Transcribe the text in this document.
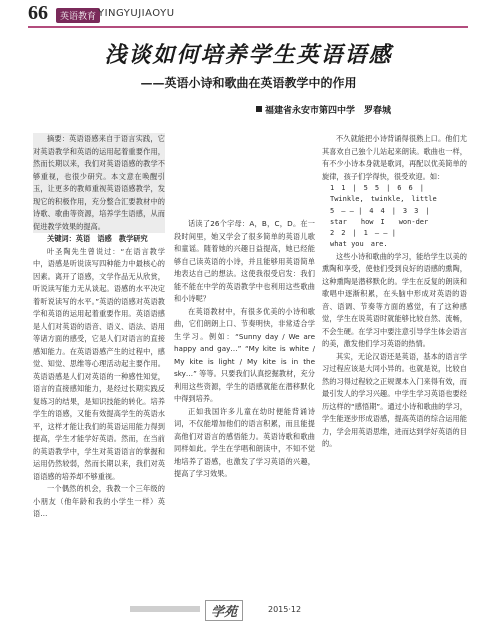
66	英语教育 YINGYUJIAOYU
浅谈如何培养学生英语语感
——英语小诗和歌曲在英语教学中的作用
福建省永安市第四中学　罗春城

摘要：英语语感来自于语言实践，它对英语教学和英语的运用起着重要作用，然而长期以来，我们对英语语感的教学不够重视，也很少研究。本文意在唤醒引玉，让更多的教师重视英语语感教学，发现它的积极作用，充分整合汇要教材中的诗歌、歌曲等资源，培养学生语感，从而促进教学效果的提高。

关键词：英语　语感　教学研究

叶圣陶先生曾说过：“在语言教学中，语感是听说读写四种能力中最核心的因素。离开了语感，文学作品无从欣赏，听说读写能力无从谈起。语感的水平决定着听说读写的水平。”英语的语感对英语教学和英语的运用起着重要作用。英语语感是人们对英语的语音、语义、语法、语用等诸方面的感受，它是人们对语言的直接感知能力。在英语语感产生的过程中，感觉、知觉、思维等心理活动起主要作用。英语语感是人们对英语的一种感性知觉，语言的直接感知能力，是经过长期实践反复练习的结果，是知识技能的转化。培养学生的语感，又能有效提高学生的英语水平，这样才能让我们的英语运用能力得到提高，学生才能学好英语。然而，在当前的英语教学中，学生对英语语言的掌握和运用仍然较弱，然而长期以来，我们对英语语感的培养却不够重视。

一个偶然的机会，我教一个三年级的小朋友（他年龄和我的小学生一样）英语…

话读了26个字母：A，B，C，D。在一段时间里，她又学会了很多简单的英语儿歌和童谣。随着她的兴趣日益提高，她已经能够自己读英语的小诗，并且能够用英语简单地表达自己的想法。这使我很受启发：我们能不能在中学的英语教学中也利用这些歌曲和小诗呢？

在英语教材中，有很多优美的小诗和歌曲，它们朗朗上口、节奏明快，非常适合学生学习。例如：“Sunny day / We are happy and gay…” “My kite is white / My kite is light / My kite is in the sky…” 等等。只要我们认真挖掘教材，充分利用这些资源，学生的语感就能在潜移默化中得到培养。

正如我国许多儿童在幼时便能背诵诗词，不仅能增加他们的语言积累，而且能提高他们对语言的感悟能力。英语诗歌和歌曲同样如此。学生在学唱和朗读中，不知不觉地培养了语感，也激发了学习英语的兴趣，提高了学习效果。

不久就能把小诗背诵得很熟上口。他们尤其喜欢自己独个儿站起来朗读。歌曲也一样，有不少小诗本身就是歌词，再配以优美简单的旋律，孩子们学得快，很受欢迎。如：

1　1　|　5　5　|　6　6　|
Twinkle,　twinkle,　little
5　— — |　4　4　|　3　3　|
star　　how　I　　won-der
2　2　|　1　— — |
what you　are.

这些小诗和歌曲的学习，能给学生以美的熏陶和享受，使他们受到良好的语感的熏陶，这种熏陶是潜移默化的。学生在反复的朗读和歌唱中逐渐积累，在头脑中形成对英语的语音、语调、节奏等方面的感觉，有了这种感觉，学生在说英语时就能够比较自然、流畅，不会生硬。在学习中要注意引导学生体会语言的美，激发他们学习英语的热情。

其实，无论汉语还是英语，基本的语言学习过程应该是大同小异的。也就是说，比较自然的习得过程较之正规课本入门来得有效，而最引发人的学习兴趣。中学生学习英语也要经历这样的“感悟期”。通过小诗和歌曲的学习，学生能逐步形成语感，提高英语的综合运用能力，学会用英语思维，进而达到学好英语的目的。

学苑	2015·12
